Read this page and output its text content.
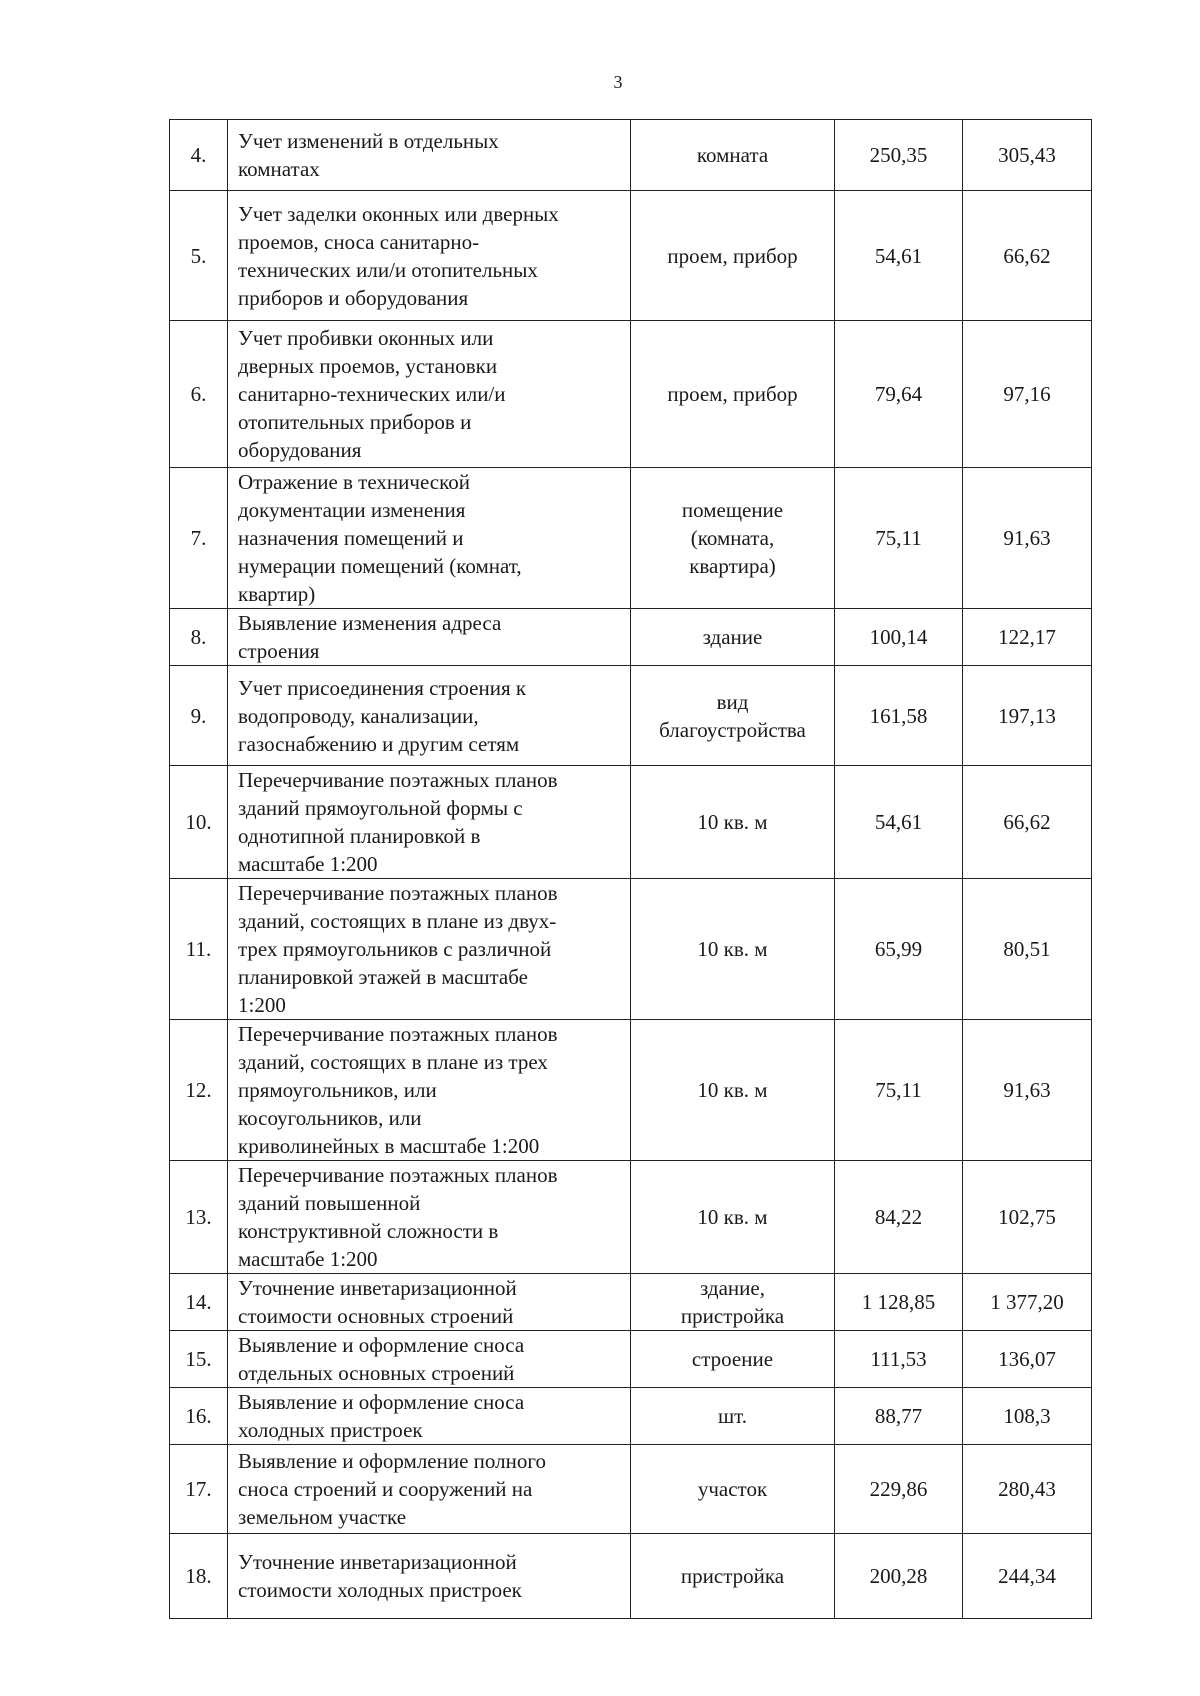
3
4.	Учет изменений в отдельных
комнатах	комната	250,35	305,43
5.	Учет заделки оконных или дверных
проемов, сноса санитарно-
технических или/и отопительных
приборов и оборудования	проем, прибор	54,61	66,62
6.	Учет пробивки оконных или
дверных проемов, установки
санитарно-технических или/и
отопительных приборов и
оборудования	проем, прибор	79,64	97,16
7.	Отражение в технической
документации изменения
назначения помещений и
нумерации помещений (комнат,
квартир)	помещение
(комната,
квартира)	75,11	91,63
8.	Выявление изменения адреса
строения	здание	100,14	122,17
9.	Учет присоединения строения к
водопроводу, канализации,
газоснабжению и другим сетям	вид
благоустройства	161,58	197,13
10.	Перечерчивание поэтажных планов
зданий прямоугольной формы с
однотипной планировкой в
масштабе 1:200	10 кв. м	54,61	66,62
11.	Перечерчивание поэтажных планов
зданий, состоящих в плане из двух-
трех прямоугольников с различной
планировкой этажей в масштабе
1:200	10 кв. м	65,99	80,51
12.	Перечерчивание поэтажных планов
зданий, состоящих в плане из трех
прямоугольников, или
косоугольников, или
криволинейных в масштабе 1:200	10 кв. м	75,11	91,63
13.	Перечерчивание поэтажных планов
зданий повышенной
конструктивной сложности в
масштабе 1:200	10 кв. м	84,22	102,75
14.	Уточнение инветаризационной
стоимости основных строений	здание,
пристройка	1 128,85	1 377,20
15.	Выявление и оформление сноса
отдельных основных строений	строение	111,53	136,07
16.	Выявление и оформление сноса
холодных пристроек	шт.	88,77	108,3
17.	Выявление и оформление полного
сноса строений и сооружений на
земельном участке	участок	229,86	280,43
18.	Уточнение инветаризационной
стоимости холодных пристроек	пристройка	200,28	244,34
